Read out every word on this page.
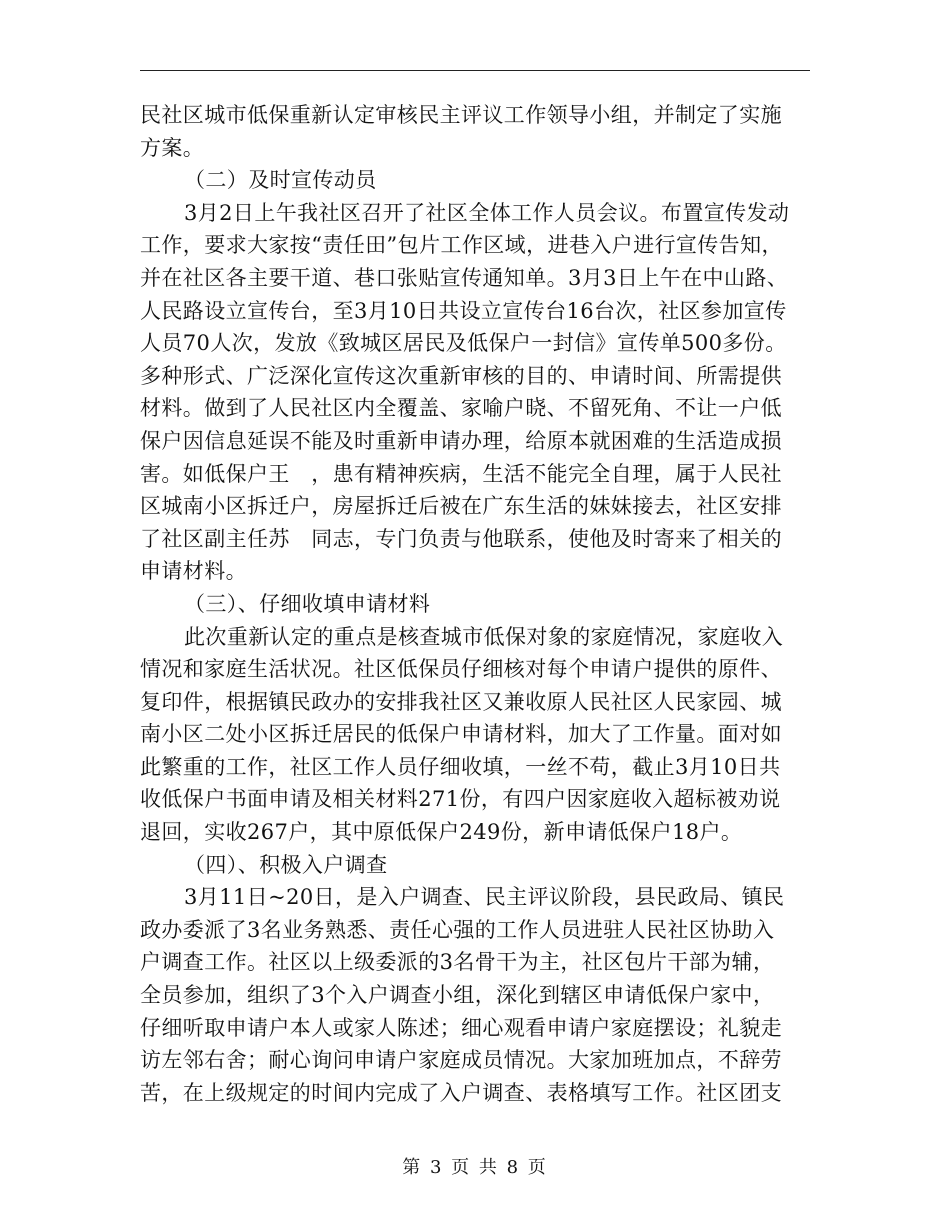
民社区城市低保重新认定审核民主评议工作领导小组，并制定了实施
方案。
（二）及时宣传动员
3月2日上午我社区召开了社区全体工作人员会议。布置宣传发动
工作，要求大家按“责任田”包片工作区域，进巷入户进行宣传告知，
并在社区各主要干道、巷口张贴宣传通知单。3月3日上午在中山路、
人民路设立宣传台，至3月10日共设立宣传台16台次，社区参加宣传
人员70人次，发放《致城区居民及低保户一封信》宣传单500多份。
多种形式、广泛深化宣传这次重新审核的目的、申请时间、所需提供
材料。做到了人民社区内全覆盖、家喻户晓、不留死角、不让一户低
保户因信息延误不能及时重新申请办理，给原本就困难的生活造成损
害。如低保户王　，患有精神疾病，生活不能完全自理，属于人民社
区城南小区拆迁户，房屋拆迁后被在广东生活的妹妹接去，社区安排
了社区副主任苏　同志，专门负责与他联系，使他及时寄来了相关的
申请材料。
（三）、仔细收填申请材料
此次重新认定的重点是核查城市低保对象的家庭情况，家庭收入
情况和家庭生活状况。社区低保员仔细核对每个申请户提供的原件、
复印件，根据镇民政办的安排我社区又兼收原人民社区人民家园、城
南小区二处小区拆迁居民的低保户申请材料，加大了工作量。面对如
此繁重的工作，社区工作人员仔细收填，一丝不苟，截止3月10日共
收低保户书面申请及相关材料271份，有四户因家庭收入超标被劝说
退回，实收267户，其中原低保户249份，新申请低保户18户。
（四）、积极入户调查
3月11日~20日，是入户调查、民主评议阶段，县民政局、镇民
政办委派了3名业务熟悉、责任心强的工作人员进驻人民社区协助入
户调查工作。社区以上级委派的3名骨干为主，社区包片干部为辅，
全员参加，组织了3个入户调查小组，深化到辖区申请低保户家中，
仔细听取申请户本人或家人陈述；细心观看申请户家庭摆设；礼貌走
访左邻右舍；耐心询问申请户家庭成员情况。大家加班加点，不辞劳
苦，在上级规定的时间内完成了入户调查、表格填写工作。社区团支
第 3 页 共 8 页
